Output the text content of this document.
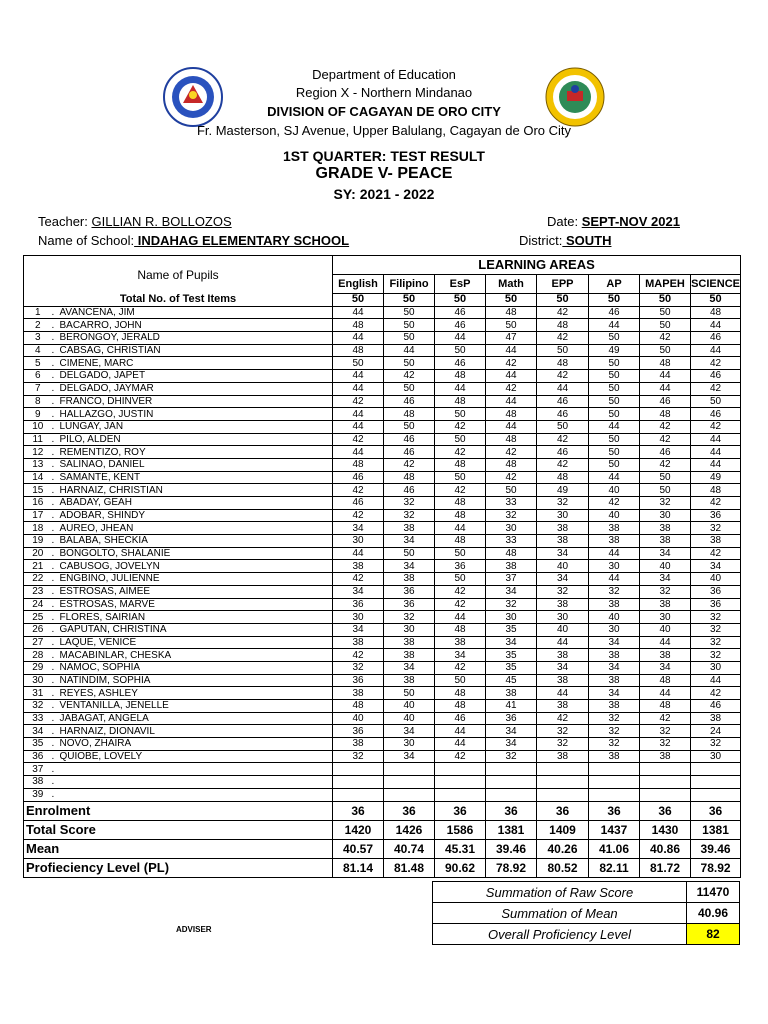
Department of Education
Region X - Northern Mindanao
DIVISION OF CAGAYAN DE ORO CITY
Fr. Masterson, SJ Avenue, Upper Balulang, Cagayan de Oro City
1ST QUARTER: TEST RESULT
GRADE V- PEACE
SY: 2021 - 2022
Teacher: GILLIAN R. BOLLOZOS
Name of School: INDAHAG ELEMENTARY SCHOOL
Date: SEPT-NOV 2021
District: SOUTH
Name of Pupils			LEARNING AREAS							
			English	Filipino	EsP	Math	EPP	AP	MAPEH	SCIENCE
Total No. of Test Items			50	50	50	50	50	50	50	50
1	.	AVANCENA, JIM	44	50	46	48	42	46	50	48
2	.	BACARRO, JOHN	48	50	46	50	48	44	50	44
3	.	BERONGOY, JERALD	44	50	44	47	42	50	42	46
4	.	CABSAG, CHRISTIAN	48	44	50	44	50	49	50	44
5	.	CIMENE, MARC	50	50	46	42	48	50	48	42
6	.	DELGADO, JAPET	44	42	48	44	42	50	44	46
7	.	DELGADO, JAYMAR	44	50	44	42	44	50	44	42
8	.	FRANCO, DHINVER	42	46	48	44	46	50	46	50
9	.	HALLAZGO, JUSTIN	44	48	50	48	46	50	48	46
10	.	LUNGAY, JAN	44	50	42	44	50	44	42	42
11	.	PILO, ALDEN	42	46	50	48	42	50	42	44
12	.	REMENTIZO, ROY	44	46	42	42	46	50	46	44
13	.	SALINAO, DANIEL	48	42	48	48	42	50	42	44
14	.	SAMANTE, KENT	46	48	50	42	48	44	50	49
15	.	HARNAIZ, CHRISTIAN	42	46	42	50	49	40	50	48
16	.	ABADAY, GEAH	46	32	48	33	32	42	32	42
17	.	ADOBAR, SHINDY	42	32	48	32	30	40	30	36
18	.	AUREO, JHEAN	34	38	44	30	38	38	38	32
19	.	BALABA, SHECKIA	30	34	48	33	38	38	38	38
20	.	BONGOLTO, SHALANIE	44	50	50	48	34	44	34	42
21	.	CABUSOG, JOVELYN	38	34	36	38	40	30	40	34
22	.	ENGBINO, JULIENNE	42	38	50	37	34	44	34	40
23	.	ESTROSAS, AIMEE	34	36	42	34	32	32	32	36
24	.	ESTROSAS, MARVE	36	36	42	32	38	38	38	36
25	.	FLORES, SAIRIAN	30	32	44	30	30	40	30	32
26	.	GAPUTAN, CHRISTINA	34	30	48	35	40	30	40	32
27	.	LAQUE, VENICE	38	38	38	34	44	34	44	32
28	.	MACABINLAR, CHESKA	42	38	34	35	38	38	38	32
29	.	NAMOC, SOPHIA	32	34	42	35	34	34	34	30
30	.	NATINDIM, SOPHIA	36	38	50	45	38	38	48	44
31	.	REYES, ASHLEY	38	50	48	38	44	34	44	42
32	.	VENTANILLA, JENELLE	48	40	48	41	38	38	48	46
33	.	JABAGAT, ANGELA	40	40	46	36	42	32	42	38
34	.	HARNAIZ, DIONAVIL	36	34	44	34	32	32	32	24
35	.	NOVO, ZHAIRA	38	30	44	34	32	32	32	32
36	.	QUIOBE, LOVELY	32	34	42	32	38	38	38	30
37	.									
38	.									
39	.									
Enrolment			36	36	36	36	36	36	36	36
Total Score			1420	1426	1586	1381	1409	1437	1430	1381
Mean			40.57	40.74	45.31	39.46	40.26	41.06	40.86	39.46
Profieciency Level (PL)			81.14	81.48	90.62	78.92	80.52	82.11	81.72	78.92
Summation of Raw Score	11470
Summation of Mean	40.96
Overall Proficiency Level	82
ADVISER
